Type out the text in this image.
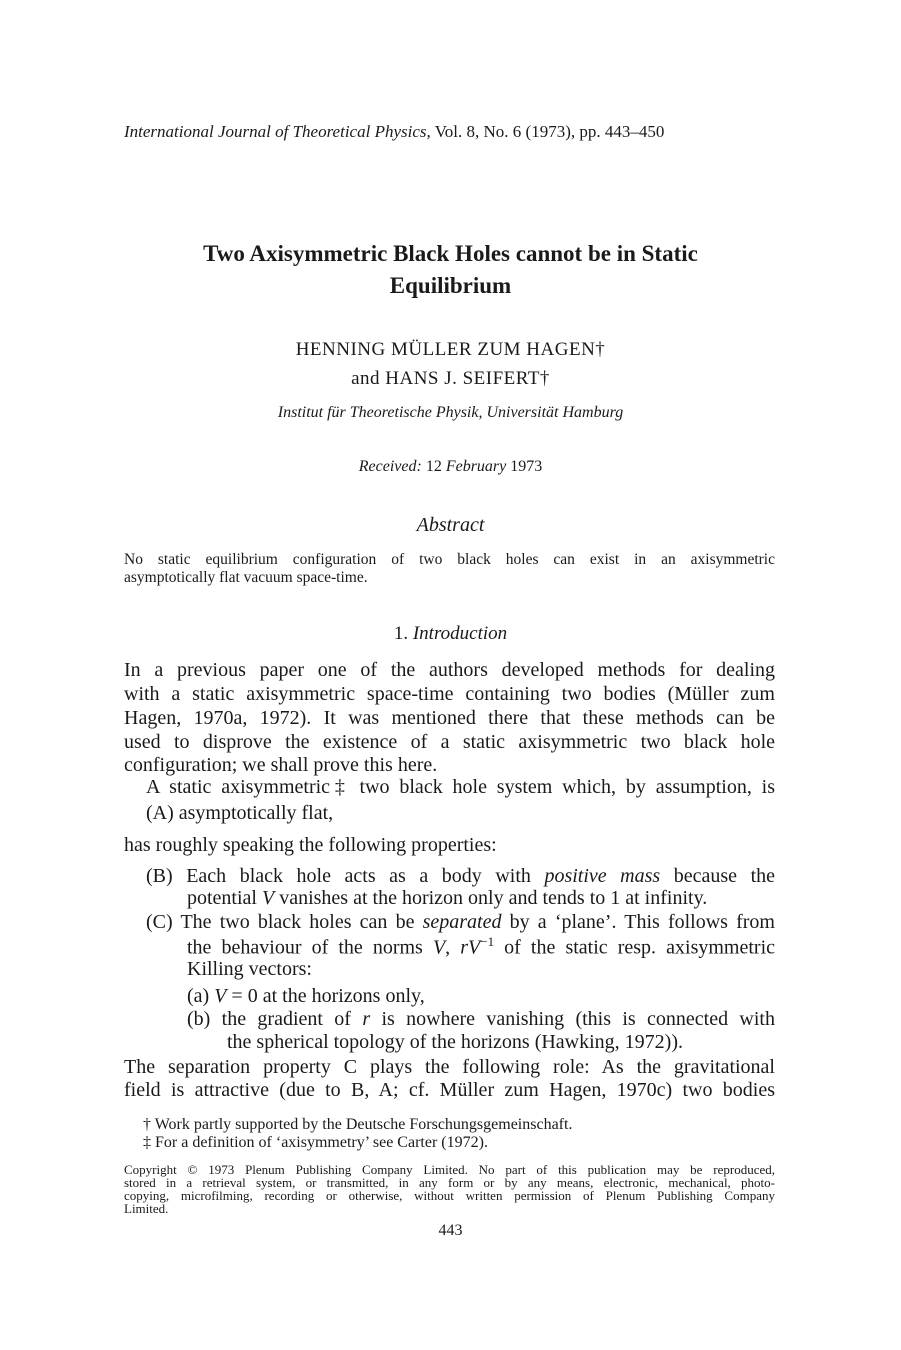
International Journal of Theoretical Physics, Vol. 8, No. 6 (1973), pp. 443–450
Two Axisymmetric Black Holes cannot be in Static
Equilibrium
HENNING MÜLLER ZUM HAGEN†
and HANS J. SEIFERT†
Institut für Theoretische Physik, Universität Hamburg
Received: 12 February 1973
Abstract
No static equilibrium configuration of two black holes can exist in an axisymmetric
asymptotically flat vacuum space-time.
1. Introduction
In a previous paper one of the authors developed methods for dealing
with a static axisymmetric space-time containing two bodies (Müller zum
Hagen, 1970a, 1972). It was mentioned there that these methods can be
used to disprove the existence of a static axisymmetric two black hole
configuration; we shall prove this here.
A static axisymmetric‡ two black hole system which, by assumption, is
(A) asymptotically flat,
has roughly speaking the following properties:
(B) Each black hole acts as a body with positive mass because the
potential V vanishes at the horizon only and tends to 1 at infinity.
(C) The two black holes can be separated by a ‘plane’. This follows from
the behaviour of the norms V, $rV^{-1}$ of the static resp. axisymmetric
Killing vectors:
(a) V = 0 at the horizons only,
(b) the gradient of r is nowhere vanishing (this is connected with
the spherical topology of the horizons (Hawking, 1972)).
The separation property C plays the following role: As the gravitational
field is attractive (due to B, A; cf. Müller zum Hagen, 1970c) two bodies
† Work partly supported by the Deutsche Forschungsgemeinschaft.
‡ For a definition of ‘axisymmetry’ see Carter (1972).
Copyright © 1973 Plenum Publishing Company Limited. No part of this publication may be reproduced,
stored in a retrieval system, or transmitted, in any form or by any means, electronic, mechanical, photo-
copying, microfilming, recording or otherwise, without written permission of Plenum Publishing Company
Limited.
443
